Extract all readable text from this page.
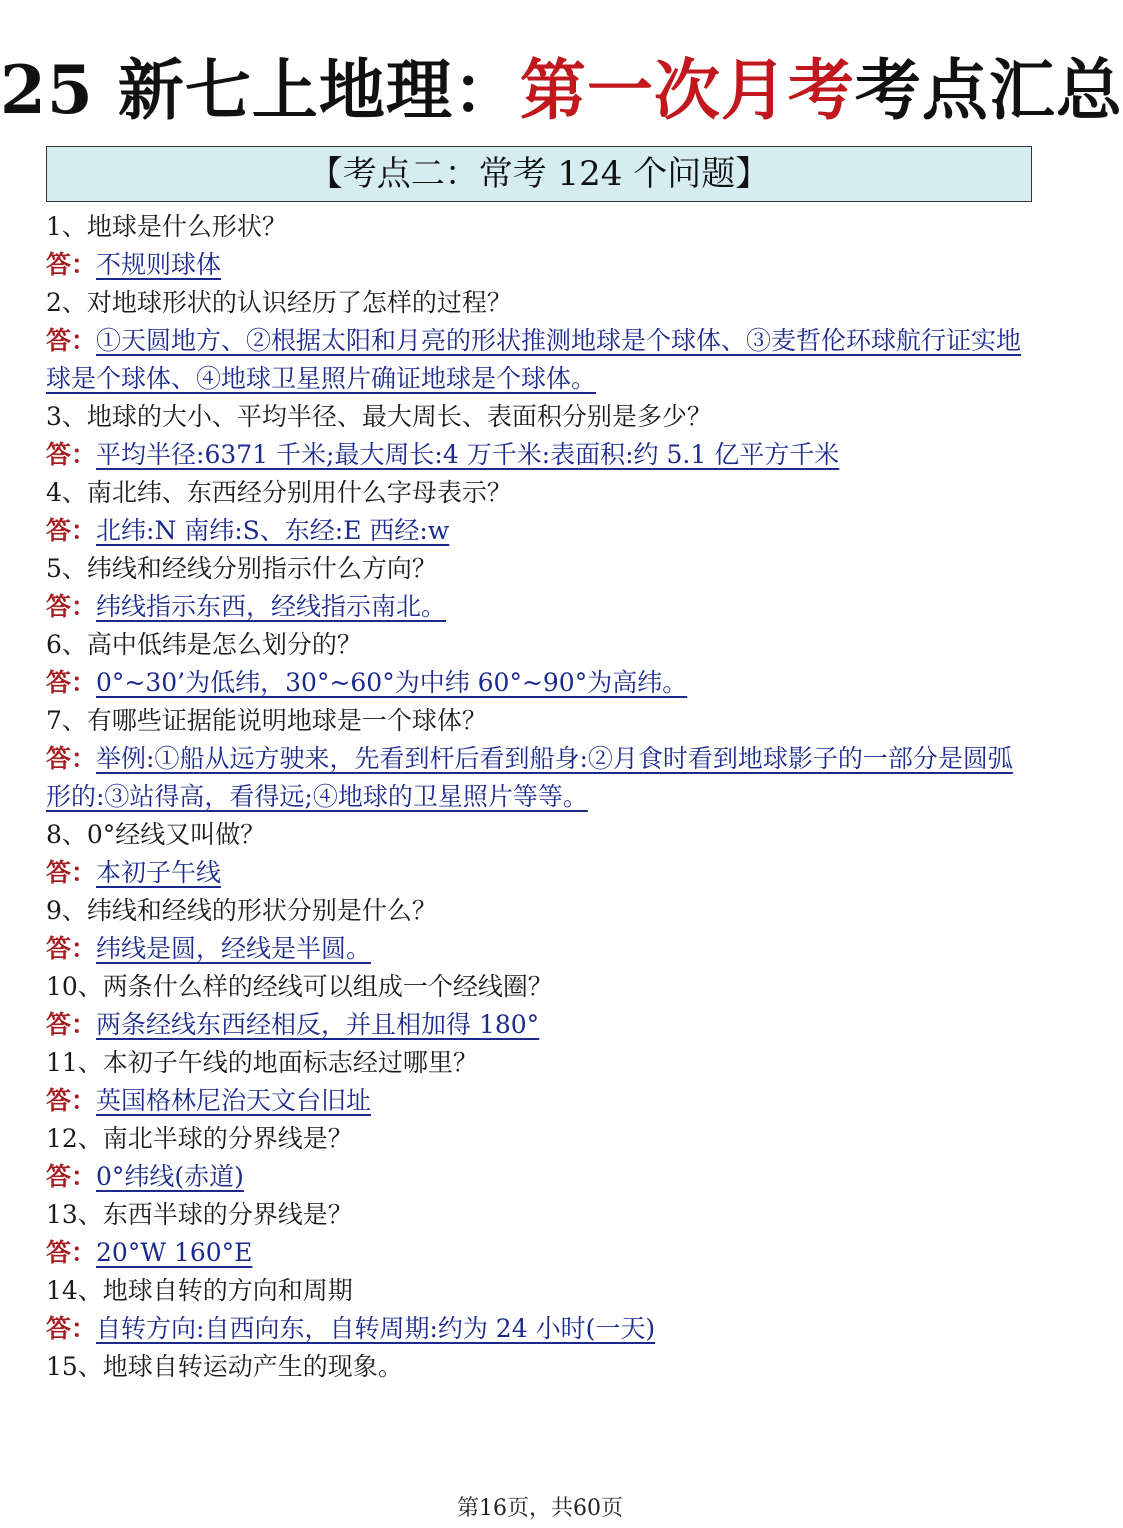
25 新七上地理：第一次月考考点汇总
【考点二：常考 124 个问题】
1、地球是什么形状？
答：不规则球体
2、对地球形状的认识经历了怎样的过程？
答：①天圆地方、②根据太阳和月亮的形状推测地球是个球体、③麦哲伦环球航行证实地球是个球体、④地球卫星照片确证地球是个球体。
3、地球的大小、平均半径、最大周长、表面积分别是多少？
答：平均半径:6371 千米;最大周长:4 万千米:表面积:约 5.1 亿平方千米
4、南北纬、东西经分别用什么字母表示？
答：北纬:N 南纬:S、东经:E 西经:w
5、纬线和经线分别指示什么方向？
答：纬线指示东西，经线指示南北。
6、高中低纬是怎么划分的？
答：0°~30’为低纬，30°~60°为中纬 60°~90°为高纬。
7、有哪些证据能说明地球是一个球体？
答：举例:①船从远方驶来，先看到杆后看到船身:②月食时看到地球影子的一部分是圆弧形的:③站得高，看得远;④地球的卫星照片等等。
8、0°经线又叫做？
答：本初子午线
9、纬线和经线的形状分别是什么？
答：纬线是圆，经线是半圆。
10、两条什么样的经线可以组成一个经线圈？
答：两条经线东西经相反，并且相加得 180°
11、本初子午线的地面标志经过哪里？
答：英国格林尼治天文台旧址
12、南北半球的分界线是？
答：0°纬线(赤道)
13、东西半球的分界线是？
答：20°W 160°E
14、地球自转的方向和周期
答：自转方向:自西向东，自转周期:约为 24 小时(一天)
15、地球自转运动产生的现象。
第16页，共60页
